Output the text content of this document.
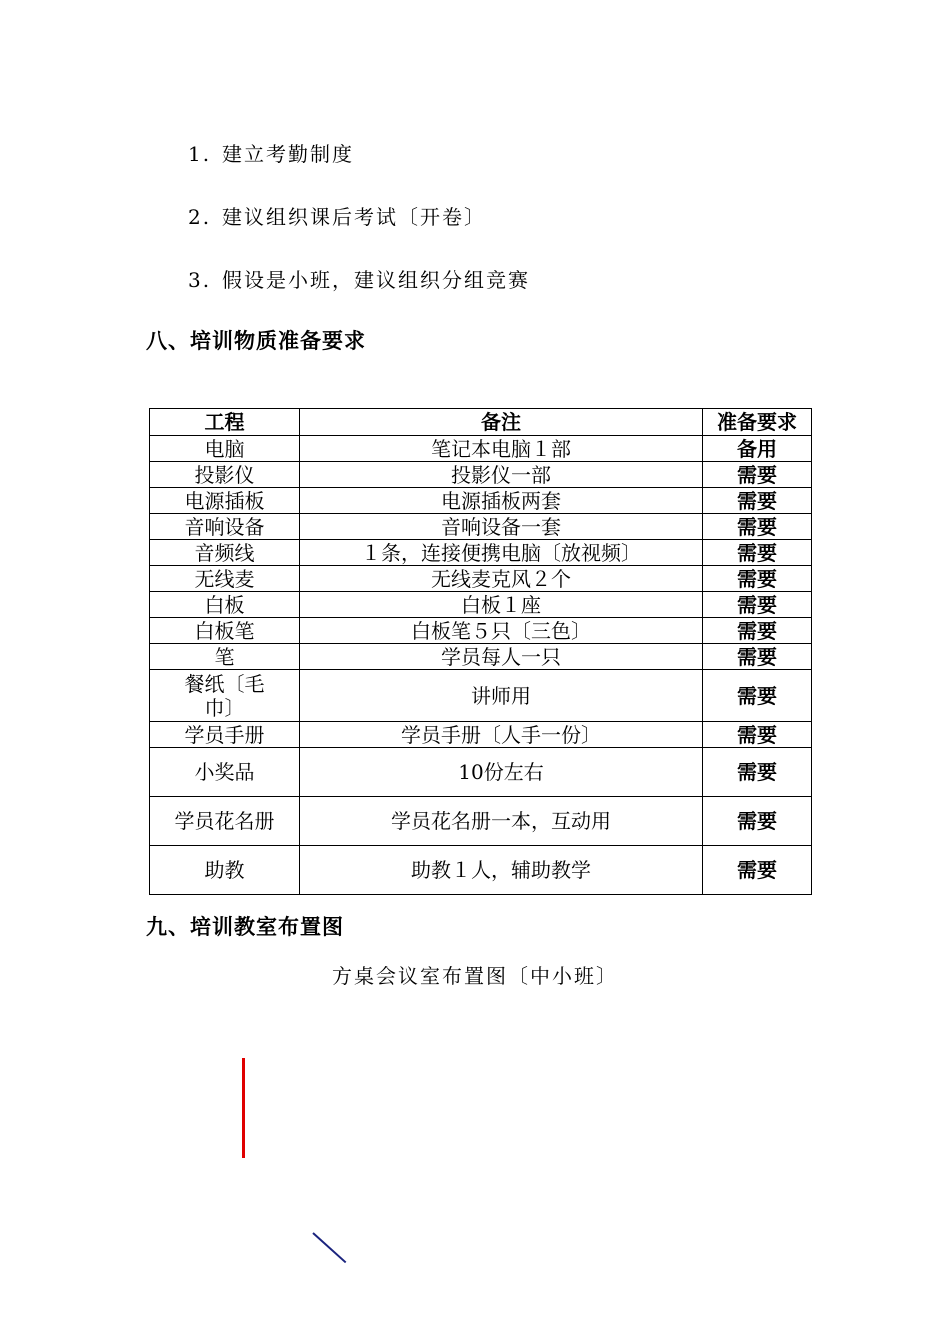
1. 建立考勤制度
2. 建议组织课后考试〔开卷〕
3. 假设是小班，建议组织分组竞赛
八、培训物质准备要求
工程	备注	准备要求
电脑	笔记本电脑１部	备用
投影仪	投影仪一部	需要
电源插板	电源插板两套	需要
音响设备	音响设备一套	需要
音频线	１条，连接便携电脑〔放视频〕	需要
无线麦	无线麦克风２个	需要
白板	白板１座	需要
白板笔	白板笔５只〔三色〕	需要
笔	学员每人一只	需要
餐纸〔毛巾〕	讲师用	需要
学员手册	学员手册〔人手一份〕	需要
小奖品	10份左右	需要
学员花名册	学员花名册一本，互动用	需要
助教	助教１人，辅助教学	需要
九、培训教室布置图
方桌会议室布置图〔中小班〕
